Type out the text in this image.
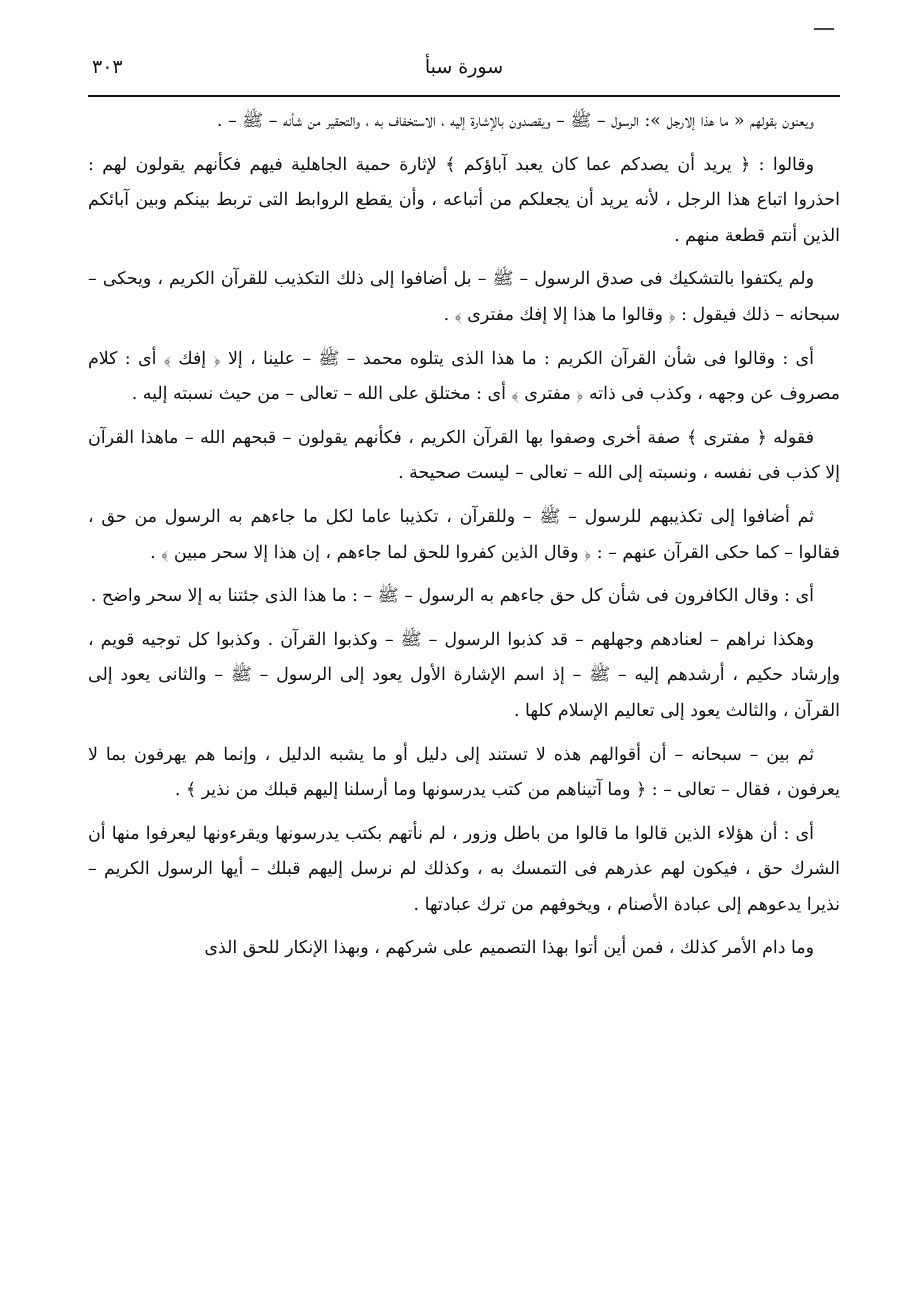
سورة سبأ
٣٠٣

ويعنون بقولهم « ما هذا إلارجل »: الرسول – ﷺ – ويقصدون بالإشارة إليه ، الاستخفاف به ، والتحقير من شأنه – ﷺ – .

وقالوا : ﴿ يريد أن يصدكم عما كان يعبد آباؤكم ﴾ لإثارة حمية الجاهلية فيهم فكأنهم يقولون لهم : احذروا اتباع هذا الرجل ، لأنه يريد أن يجعلكم من أتباعه ، وأن يقطع الروابط التى تربط بينكم وبين آبائكم الذين أنتم قطعة منهم .

ولم يكتفوا بالتشكيك فى صدق الرسول – ﷺ – بل أضافوا إلى ذلك التكذيب للقرآن الكريم ، ويحكى – سبحانه – ذلك فيقول : ﴿ وقالوا ما هذا إلا إفك مفترى ﴾ .

أى : وقالوا فى شأن القرآن الكريم : ما هذا الذى يتلوه محمد – ﷺ – علينا ، إلا ﴿ إفك ﴾ أى : كلام مصروف عن وجهه ، وكذب فى ذاته ﴿ مفترى ﴾ أى : مختلق على الله – تعالى – من حيث نسبته إليه .

فقوله ﴿ مفترى ﴾ صفة أخرى وصفوا بها القرآن الكريم ، فكأنهم يقولون – قبحهم الله – ماهذا القرآن إلا كذب فى نفسه ، ونسبته إلى الله – تعالى – ليست صحيحة .

ثم أضافوا إلى تكذيبهم للرسول – ﷺ – وللقرآن ، تكذيبا عاما لكل ما جاءهم به الرسول من حق ، فقالوا – كما حكى القرآن عنهم – : ﴿ وقال الذين كفروا للحق لما جاءهم ، إن هذا إلا سحر مبين ﴾ .

أى : وقال الكافرون فى شأن كل حق جاءهم به الرسول – ﷺ – : ما هذا الذى جئتنا به إلا سحر واضح .

وهكذا نراهم – لعنادهم وجهلهم – قد كذبوا الرسول – ﷺ – وكذبوا القرآن . وكذبوا كل توجيه قويم ، وإرشاد حكيم ، أرشدهم إليه – ﷺ – إذ اسم الإشارة الأول يعود إلى الرسول – ﷺ – والثانى يعود إلى القرآن ، والثالث يعود إلى تعاليم الإسلام كلها .

ثم بين – سبحانه – أن أقوالهم هذه لا تستند إلى دليل أو ما يشبه الدليل ، وإنما هم يهرفون بما لا يعرفون ، فقال – تعالى – : ﴿ وما آتيناهم من كتب يدرسونها وما أرسلنا إليهم قبلك من نذير ﴾ .

أى : أن هؤلاء الذين قالوا ما قالوا من باطل وزور ، لم نأتهم بكتب يدرسونها ويقرءونها ليعرفوا منها أن الشرك حق ، فيكون لهم عذرهم فى التمسك به ، وكذلك لم نرسل إليهم قبلك – أيها الرسول الكريم – نذيرا يدعوهم إلى عبادة الأصنام ، ويخوفهم من ترك عبادتها .

وما دام الأمر كذلك ، فمن أين أتوا بهذا التصميم على شركهم ، وبهذا الإنكار للحق الذى
